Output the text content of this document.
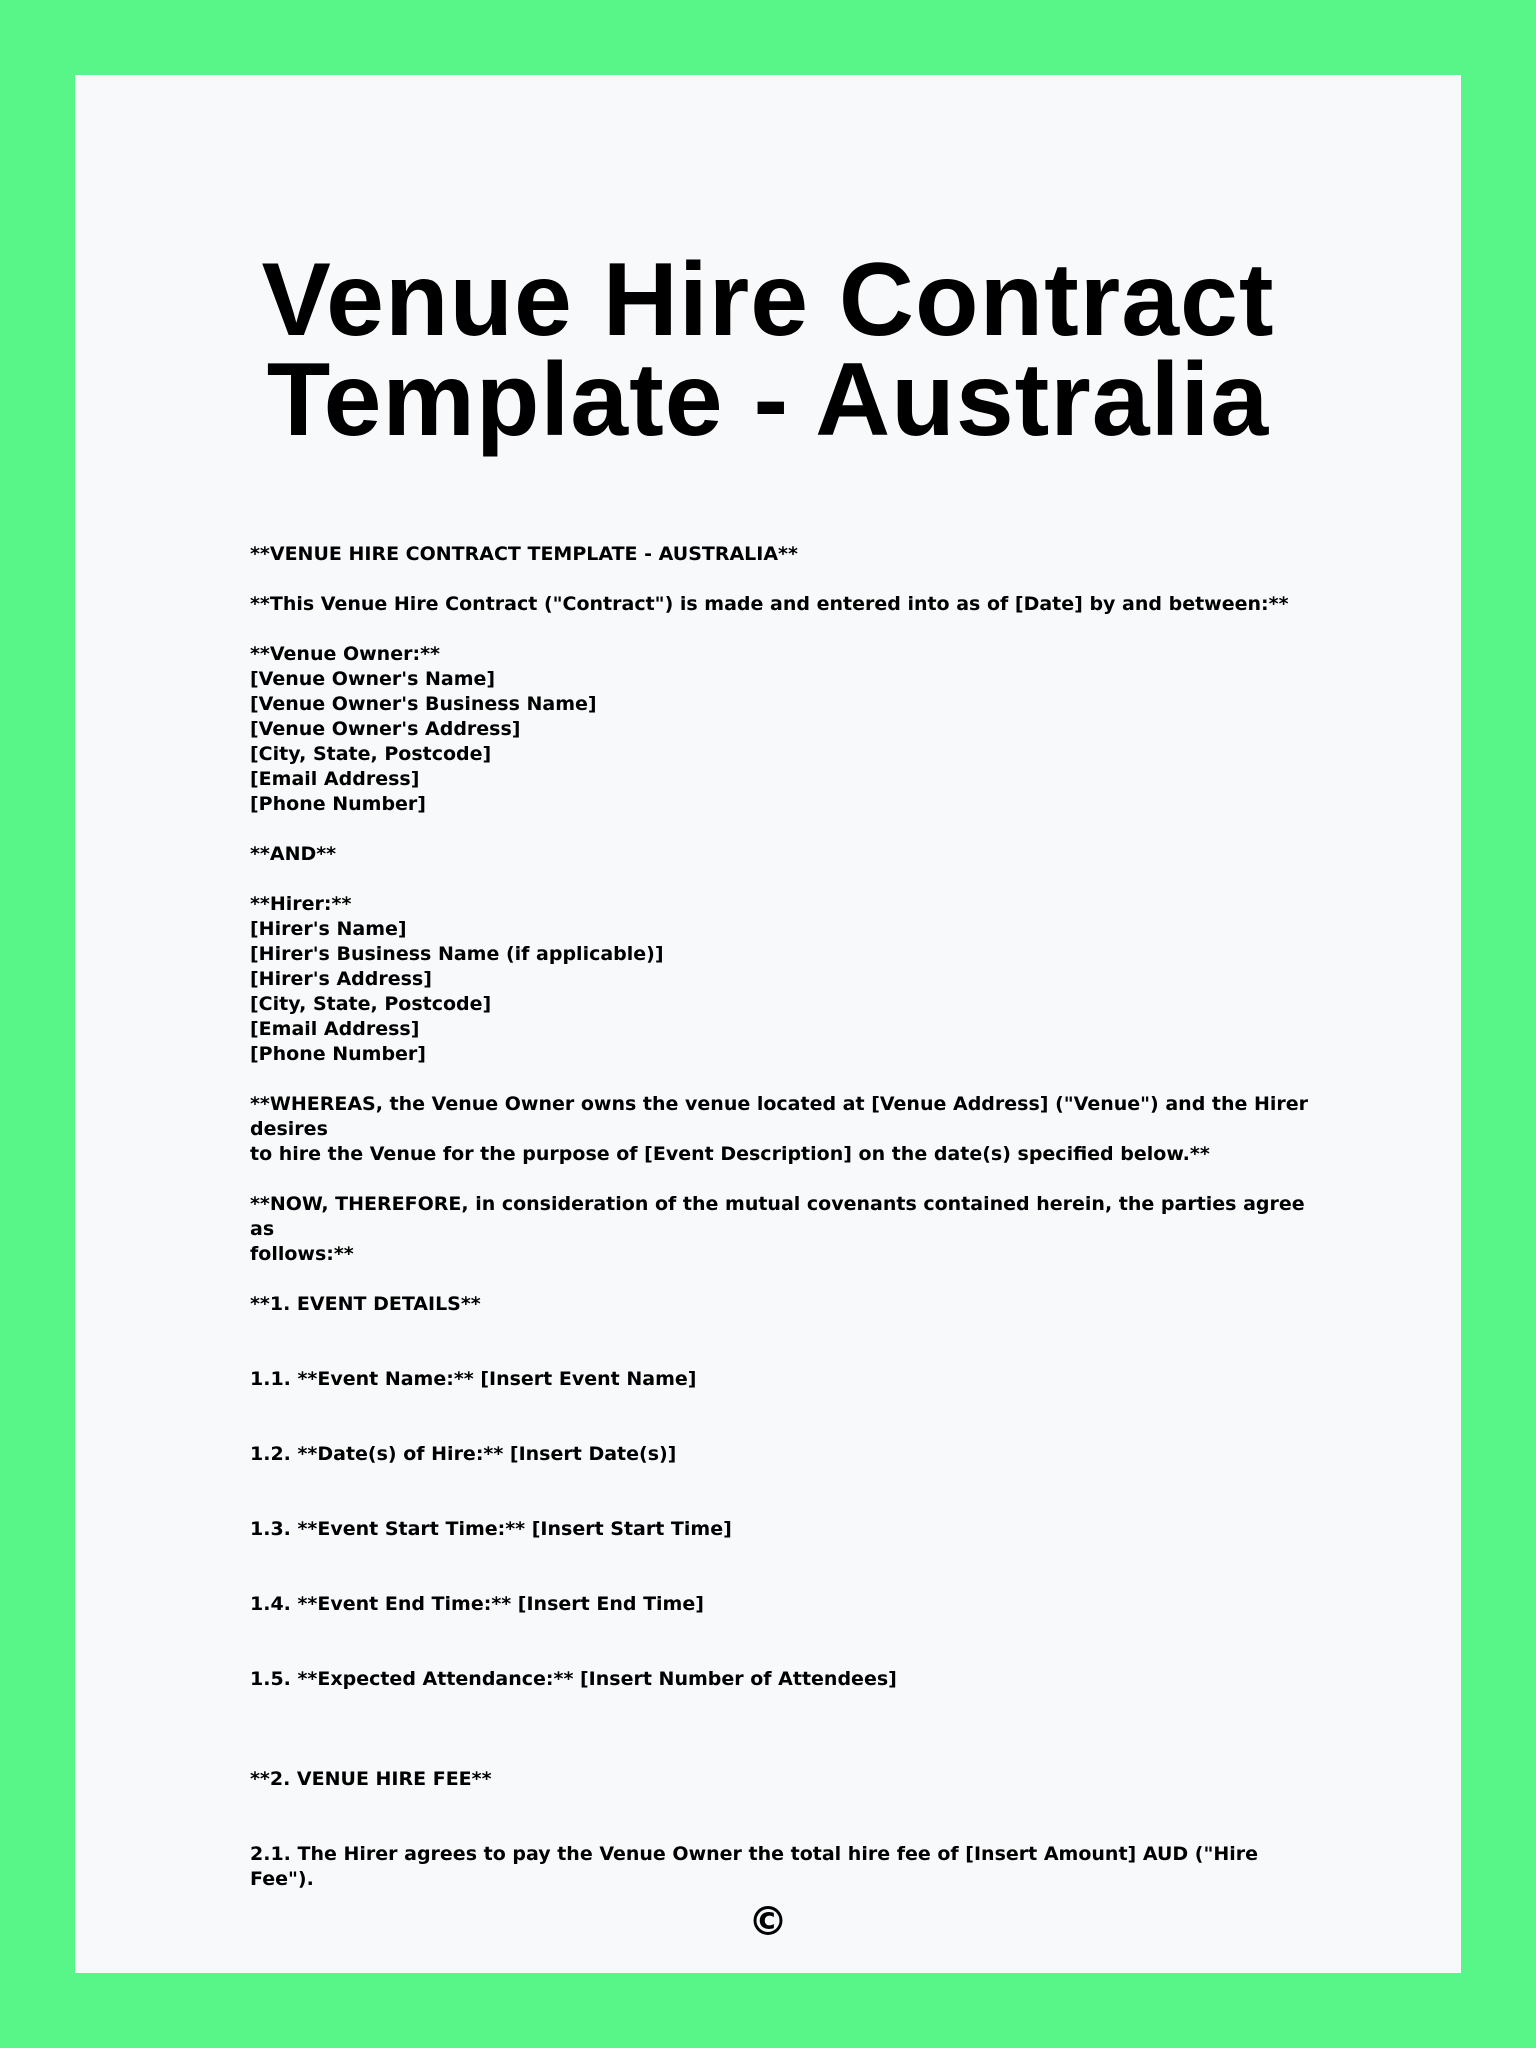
Venue Hire Contract
Template - Australia
**VENUE HIRE CONTRACT TEMPLATE - AUSTRALIA**
**This Venue Hire Contract ("Contract") is made and entered into as of [Date] by and between:**
**Venue Owner:**
[Venue Owner's Name]
[Venue Owner's Business Name]
[Venue Owner's Address]
[City, State, Postcode]
[Email Address]
[Phone Number]
**AND**
**Hirer:**
[Hirer's Name]
[Hirer's Business Name (if applicable)]
[Hirer's Address]
[City, State, Postcode]
[Email Address]
[Phone Number]
**WHEREAS, the Venue Owner owns the venue located at [Venue Address] ("Venue") and the Hirer desires
to hire the Venue for the purpose of [Event Description] on the date(s) specified below.**
**NOW, THEREFORE, in consideration of the mutual covenants contained herein, the parties agree as
follows:**
**1. EVENT DETAILS**
1.1. **Event Name:** [Insert Event Name]
1.2. **Date(s) of Hire:** [Insert Date(s)]
1.3. **Event Start Time:** [Insert Start Time]
1.4. **Event End Time:** [Insert End Time]
1.5. **Expected Attendance:** [Insert Number of Attendees]
**2. VENUE HIRE FEE**
2.1. The Hirer agrees to pay the Venue Owner the total hire fee of [Insert Amount] AUD ("Hire Fee").
©
